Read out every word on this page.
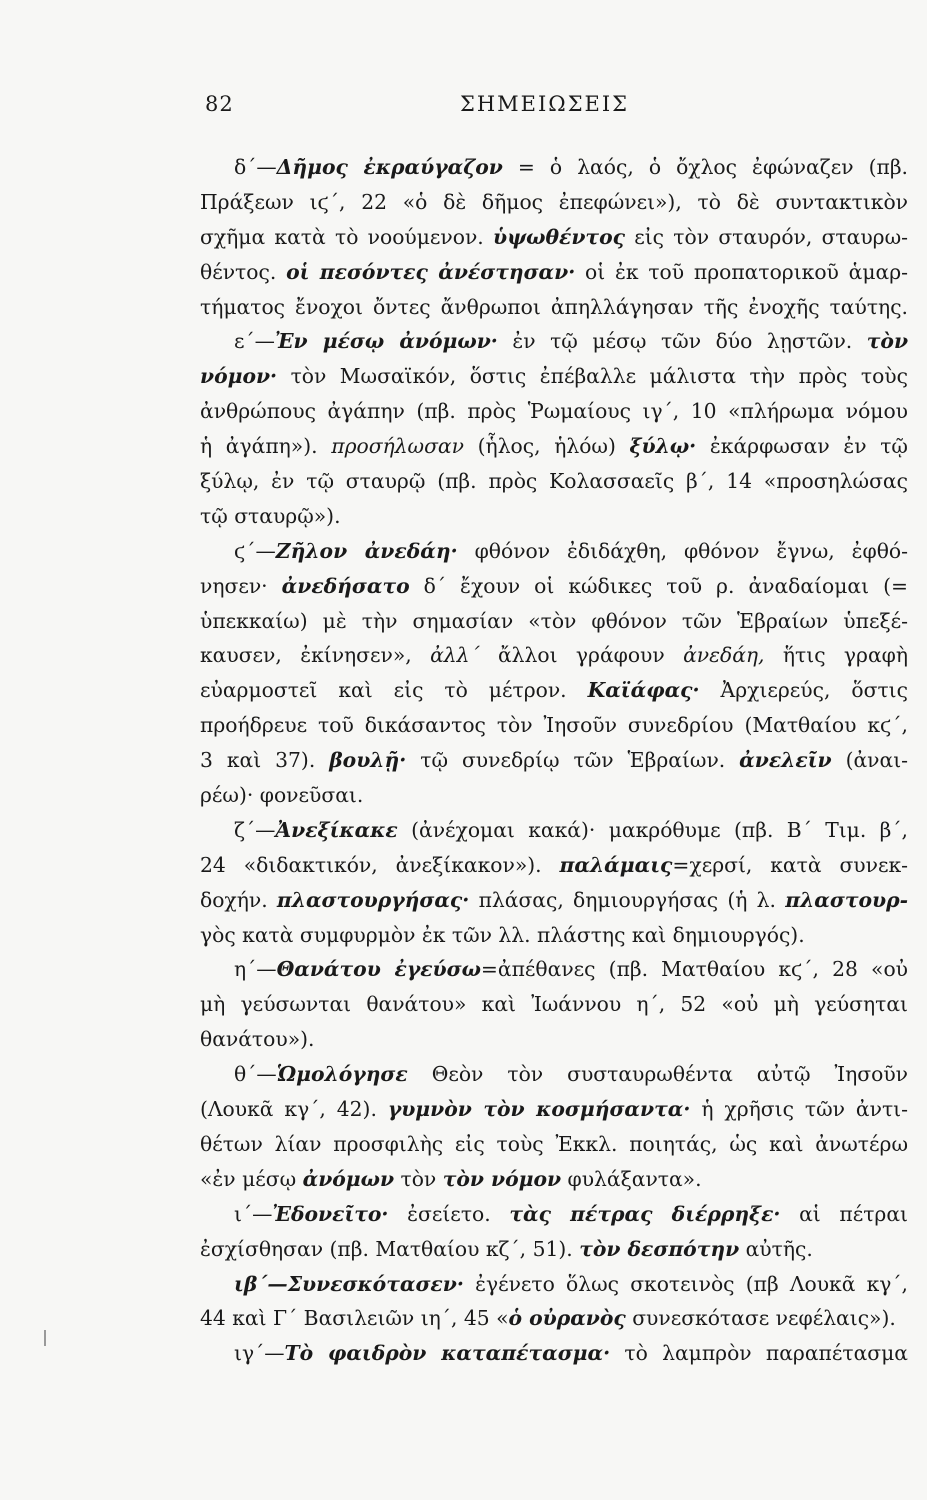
82	ΣΗΜΕΙΩΣΕΙΣ
δ΄—Δῆμος ἐκραύγαζον = ὁ λαός, ὁ ὄχλος ἐφώναζεν (πβ.
Πράξεων ιϛ΄, 22 «ὁ δὲ δῆμος ἐπεφώνει»), τὸ δὲ συντακτικὸν
σχῆμα κατὰ τὸ νοούμενον. ὑψωθέντος εἰς τὸν σταυρόν, σταυρω-
θέντος. οἱ πεσόντες ἀνέστησαν· οἱ ἐκ τοῦ προπατορικοῦ ἁμαρ-
τήματος ἔνοχοι ὄντες ἄνθρωποι ἀπηλλάγησαν τῆς ἐνοχῆς ταύτης.
ε΄—Ἐν μέσῳ ἀνόμων· ἐν τῷ μέσῳ τῶν δύο λῃστῶν. τὸν
νόμον· τὸν Μωσαϊκόν, ὅστις ἐπέβαλλε μάλιστα τὴν πρὸς τοὺς
ἀνθρώπους ἀγάπην (πβ. πρὸς Ῥωμαίους ιγ΄, 10 «πλήρωμα νόμου
ἡ ἀγάπη»). προσήλωσαν (ἧλος, ἡλόω) ξύλῳ· ἐκάρφωσαν ἐν τῷ
ξύλῳ, ἐν τῷ σταυρῷ (πβ. πρὸς Κολασσαεῖς β΄, 14 «προσηλώσας
τῷ σταυρῷ»).
ϛ΄—Ζῆλον ἀνεδάη· φθόνον ἐδιδάχθη, φθόνον ἔγνω, ἐφθό-
νησεν· ἀνεδήσατο δ΄ ἔχουν οἱ κώδικες τοῦ ρ. ἀναδαίομαι (=
ὑπεκκαίω) μὲ τὴν σημασίαν «τὸν φθόνον τῶν Ἑβραίων ὑπεξέ-
καυσεν, ἐκίνησεν», ἀλλ΄ ἄλλοι γράφουν ἀνεδάη, ἥτις γραφὴ
εὐαρμοστεῖ καὶ εἰς τὸ μέτρον. Καϊάφας· Ἀρχιερεύς, ὅστις
προήδρευε τοῦ δικάσαντος τὸν Ἰησοῦν συνεδρίου (Ματθαίου κϛ΄,
3 καὶ 37). βουλῇ· τῷ συνεδρίῳ τῶν Ἑβραίων. ἀνελεῖν (ἀναι-
ρέω)· φονεῦσαι.
ζ΄—Ἀνεξίκακε (ἀνέχομαι κακά)· μακρόθυμε (πβ. Β΄ Τιμ. β΄,
24 «διδακτικόν, ἀνεξίκακον»). παλάμαις=χερσί, κατὰ συνεκ-
δοχήν. πλαστουργήσας· πλάσας, δημιουργήσας (ἡ λ. πλαστουρ-
γὸς κατὰ συμφυρμὸν ἐκ τῶν λλ. πλάστης καὶ δημιουργός).
η΄—Θανάτου ἐγεύσω=ἀπέθανες (πβ. Ματθαίου κϛ΄, 28 «οὐ
μὴ γεύσωνται θανάτου» καὶ Ἰωάννου η΄, 52 «οὐ μὴ γεύσηται
θανάτου»).
θ΄—Ὡμολόγησε Θεὸν τὸν συσταυρωθέντα αὐτῷ Ἰησοῦν
(Λουκᾶ κγ΄, 42). γυμνὸν τὸν κοσμήσαντα· ἡ χρῆσις τῶν ἀντι-
θέτων λίαν προσφιλὴς εἰς τοὺς Ἐκκλ. ποιητάς, ὡς καὶ ἀνωτέρω
«ἐν μέσῳ ἀνόμων τὸν τὸν νόμον φυλάξαντα».
ι΄—Ἐδονεῖτο· ἐσείετο. τὰς πέτρας διέρρηξε· αἱ πέτραι
ἐσχίσθησαν (πβ. Ματθαίου κζ΄, 51). τὸν δεσπότην αὐτῆς.
ιβ΄—Συνεσκότασεν· ἐγένετο ὅλως σκοτεινὸς (πβ Λουκᾶ κγ΄,
44 καὶ Γ΄ Βασιλειῶν ιη΄, 45 «ὁ οὐρανὸς συνεσκότασε νεφέλαις»).
ιγ΄—Τὸ φαιδρὸν καταπέτασμα· τὸ λαμπρὸν παραπέτασμα
